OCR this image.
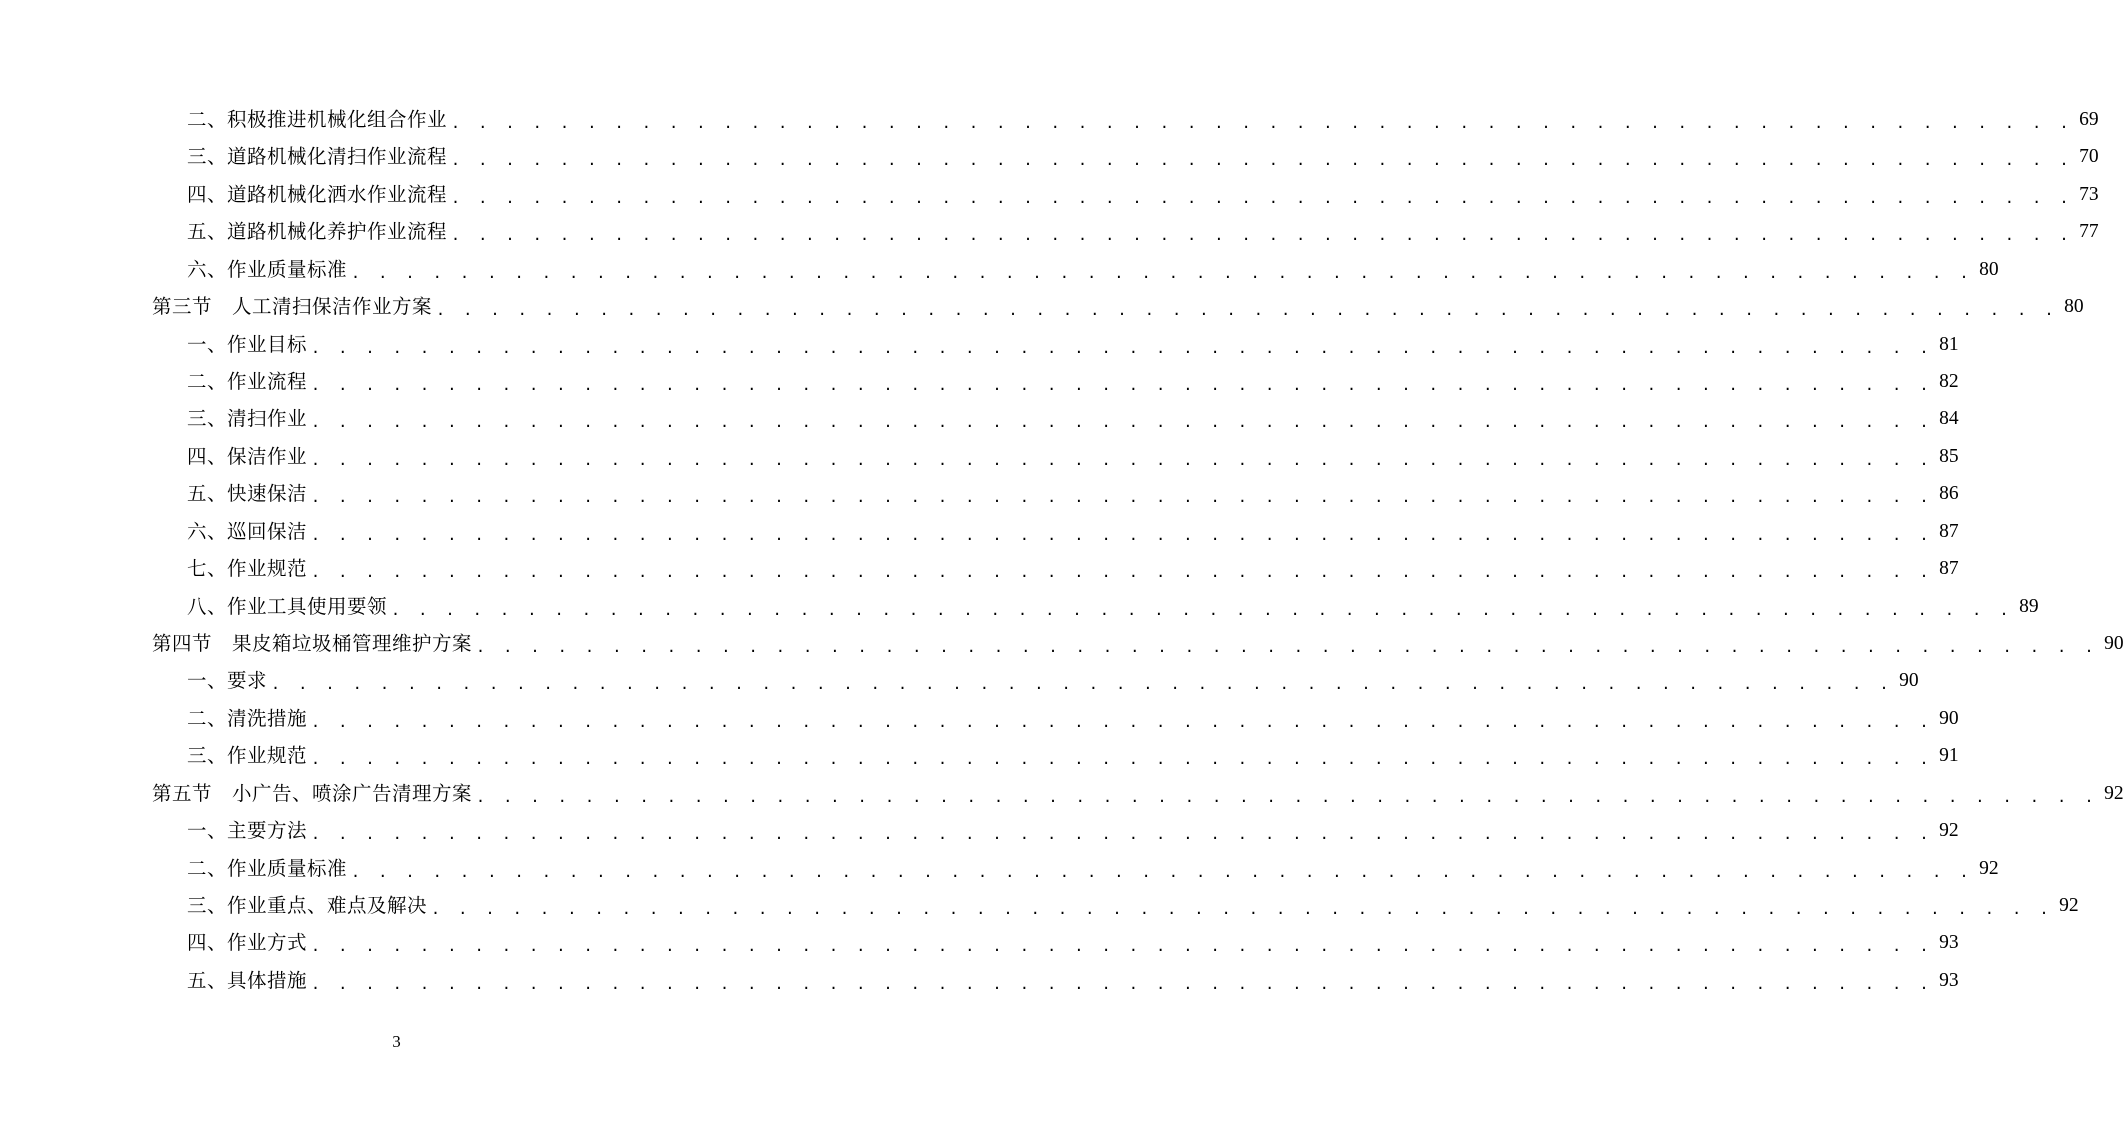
二、积极推进机械化组合作业 . . . . . . . . . . . . . . . . . . . . . . . . . . . . . . . . . . . . . . . . . . . . . . . . . . . . . . . . . . . . 69
三、道路机械化清扫作业流程 . . . . . . . . . . . . . . . . . . . . . . . . . . . . . . . . . . . . . . . . . . . . . . . . . . . . . . . . . . . . 70
四、道路机械化洒水作业流程 . . . . . . . . . . . . . . . . . . . . . . . . . . . . . . . . . . . . . . . . . . . . . . . . . . . . . . . . . . . . 73
五、道路机械化养护作业流程 . . . . . . . . . . . . . . . . . . . . . . . . . . . . . . . . . . . . . . . . . . . . . . . . . . . . . . . . . . . . 77
六、作业质量标准 . . . . . . . . . . . . . . . . . . . . . . . . . . . . . . . . . . . . . . . . . . . . . . . . . . . . . . . . . . . . 80
第三节　人工清扫保洁作业方案 . . . . . . . . . . . . . . . . . . . . . . . . . . . . . . . . . . . . . . . . . . . . . . . . . . . . . . . . . . . . 80
一、作业目标 . . . . . . . . . . . . . . . . . . . . . . . . . . . . . . . . . . . . . . . . . . . . . . . . . . . . . . . . . . . . 81
二、作业流程 . . . . . . . . . . . . . . . . . . . . . . . . . . . . . . . . . . . . . . . . . . . . . . . . . . . . . . . . . . . . 82
三、清扫作业 . . . . . . . . . . . . . . . . . . . . . . . . . . . . . . . . . . . . . . . . . . . . . . . . . . . . . . . . . . . . 84
四、保洁作业 . . . . . . . . . . . . . . . . . . . . . . . . . . . . . . . . . . . . . . . . . . . . . . . . . . . . . . . . . . . . 85
五、快速保洁 . . . . . . . . . . . . . . . . . . . . . . . . . . . . . . . . . . . . . . . . . . . . . . . . . . . . . . . . . . . . 86
六、巡回保洁 . . . . . . . . . . . . . . . . . . . . . . . . . . . . . . . . . . . . . . . . . . . . . . . . . . . . . . . . . . . . 87
七、作业规范 . . . . . . . . . . . . . . . . . . . . . . . . . . . . . . . . . . . . . . . . . . . . . . . . . . . . . . . . . . . . 87
八、作业工具使用要领 . . . . . . . . . . . . . . . . . . . . . . . . . . . . . . . . . . . . . . . . . . . . . . . . . . . . . . . . . . . . 89
第四节　果皮箱垃圾桶管理维护方案 . . . . . . . . . . . . . . . . . . . . . . . . . . . . . . . . . . . . . . . . . . . . . . . . . . . . . . . . . . . . 90
一、要求 . . . . . . . . . . . . . . . . . . . . . . . . . . . . . . . . . . . . . . . . . . . . . . . . . . . . . . . . . . . . 90
二、清洗措施 . . . . . . . . . . . . . . . . . . . . . . . . . . . . . . . . . . . . . . . . . . . . . . . . . . . . . . . . . . . . 90
三、作业规范 . . . . . . . . . . . . . . . . . . . . . . . . . . . . . . . . . . . . . . . . . . . . . . . . . . . . . . . . . . . . 91
第五节　小广告、喷涂广告清理方案 . . . . . . . . . . . . . . . . . . . . . . . . . . . . . . . . . . . . . . . . . . . . . . . . . . . . . . . . . . . . 92
一、主要方法 . . . . . . . . . . . . . . . . . . . . . . . . . . . . . . . . . . . . . . . . . . . . . . . . . . . . . . . . . . . . 92
二、作业质量标准 . . . . . . . . . . . . . . . . . . . . . . . . . . . . . . . . . . . . . . . . . . . . . . . . . . . . . . . . . . . . 92
三、作业重点、难点及解决 . . . . . . . . . . . . . . . . . . . . . . . . . . . . . . . . . . . . . . . . . . . . . . . . . . . . . . . . . . . . 92
四、作业方式 . . . . . . . . . . . . . . . . . . . . . . . . . . . . . . . . . . . . . . . . . . . . . . . . . . . . . . . . . . . . 93
五、具体措施 . . . . . . . . . . . . . . . . . . . . . . . . . . . . . . . . . . . . . . . . . . . . . . . . . . . . . . . . . . . . 93
3
